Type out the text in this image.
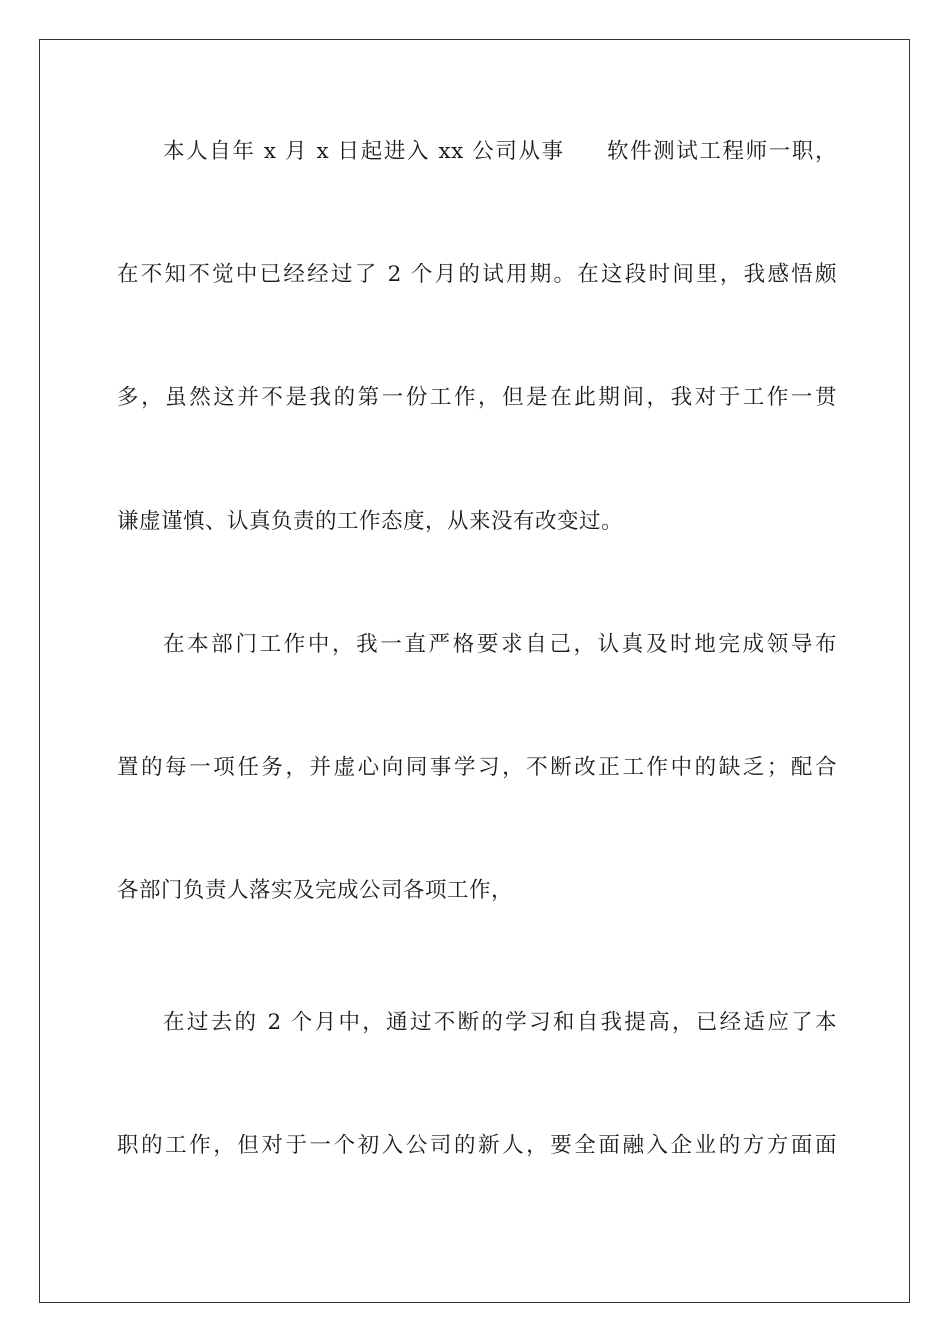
本人自年 x 月 x 日起进入 xx 公司从事     软件测试工程师一职，
在不知不觉中已经经过了 2 个月的试用期。在这段时间里，我感悟颇
多，虽然这并不是我的第一份工作，但是在此期间，我对于工作一贯
谦虚谨慎、认真负责的工作态度，从来没有改变过。
在本部门工作中，我一直严格要求自己，认真及时地完成领导布
置的每一项任务，并虚心向同事学习，不断改正工作中的缺乏；配合
各部门负责人落实及完成公司各项工作，
在过去的 2 个月中，通过不断的学习和自我提高，已经适应了本
职的工作，但对于一个初入公司的新人，要全面融入企业的方方面面
